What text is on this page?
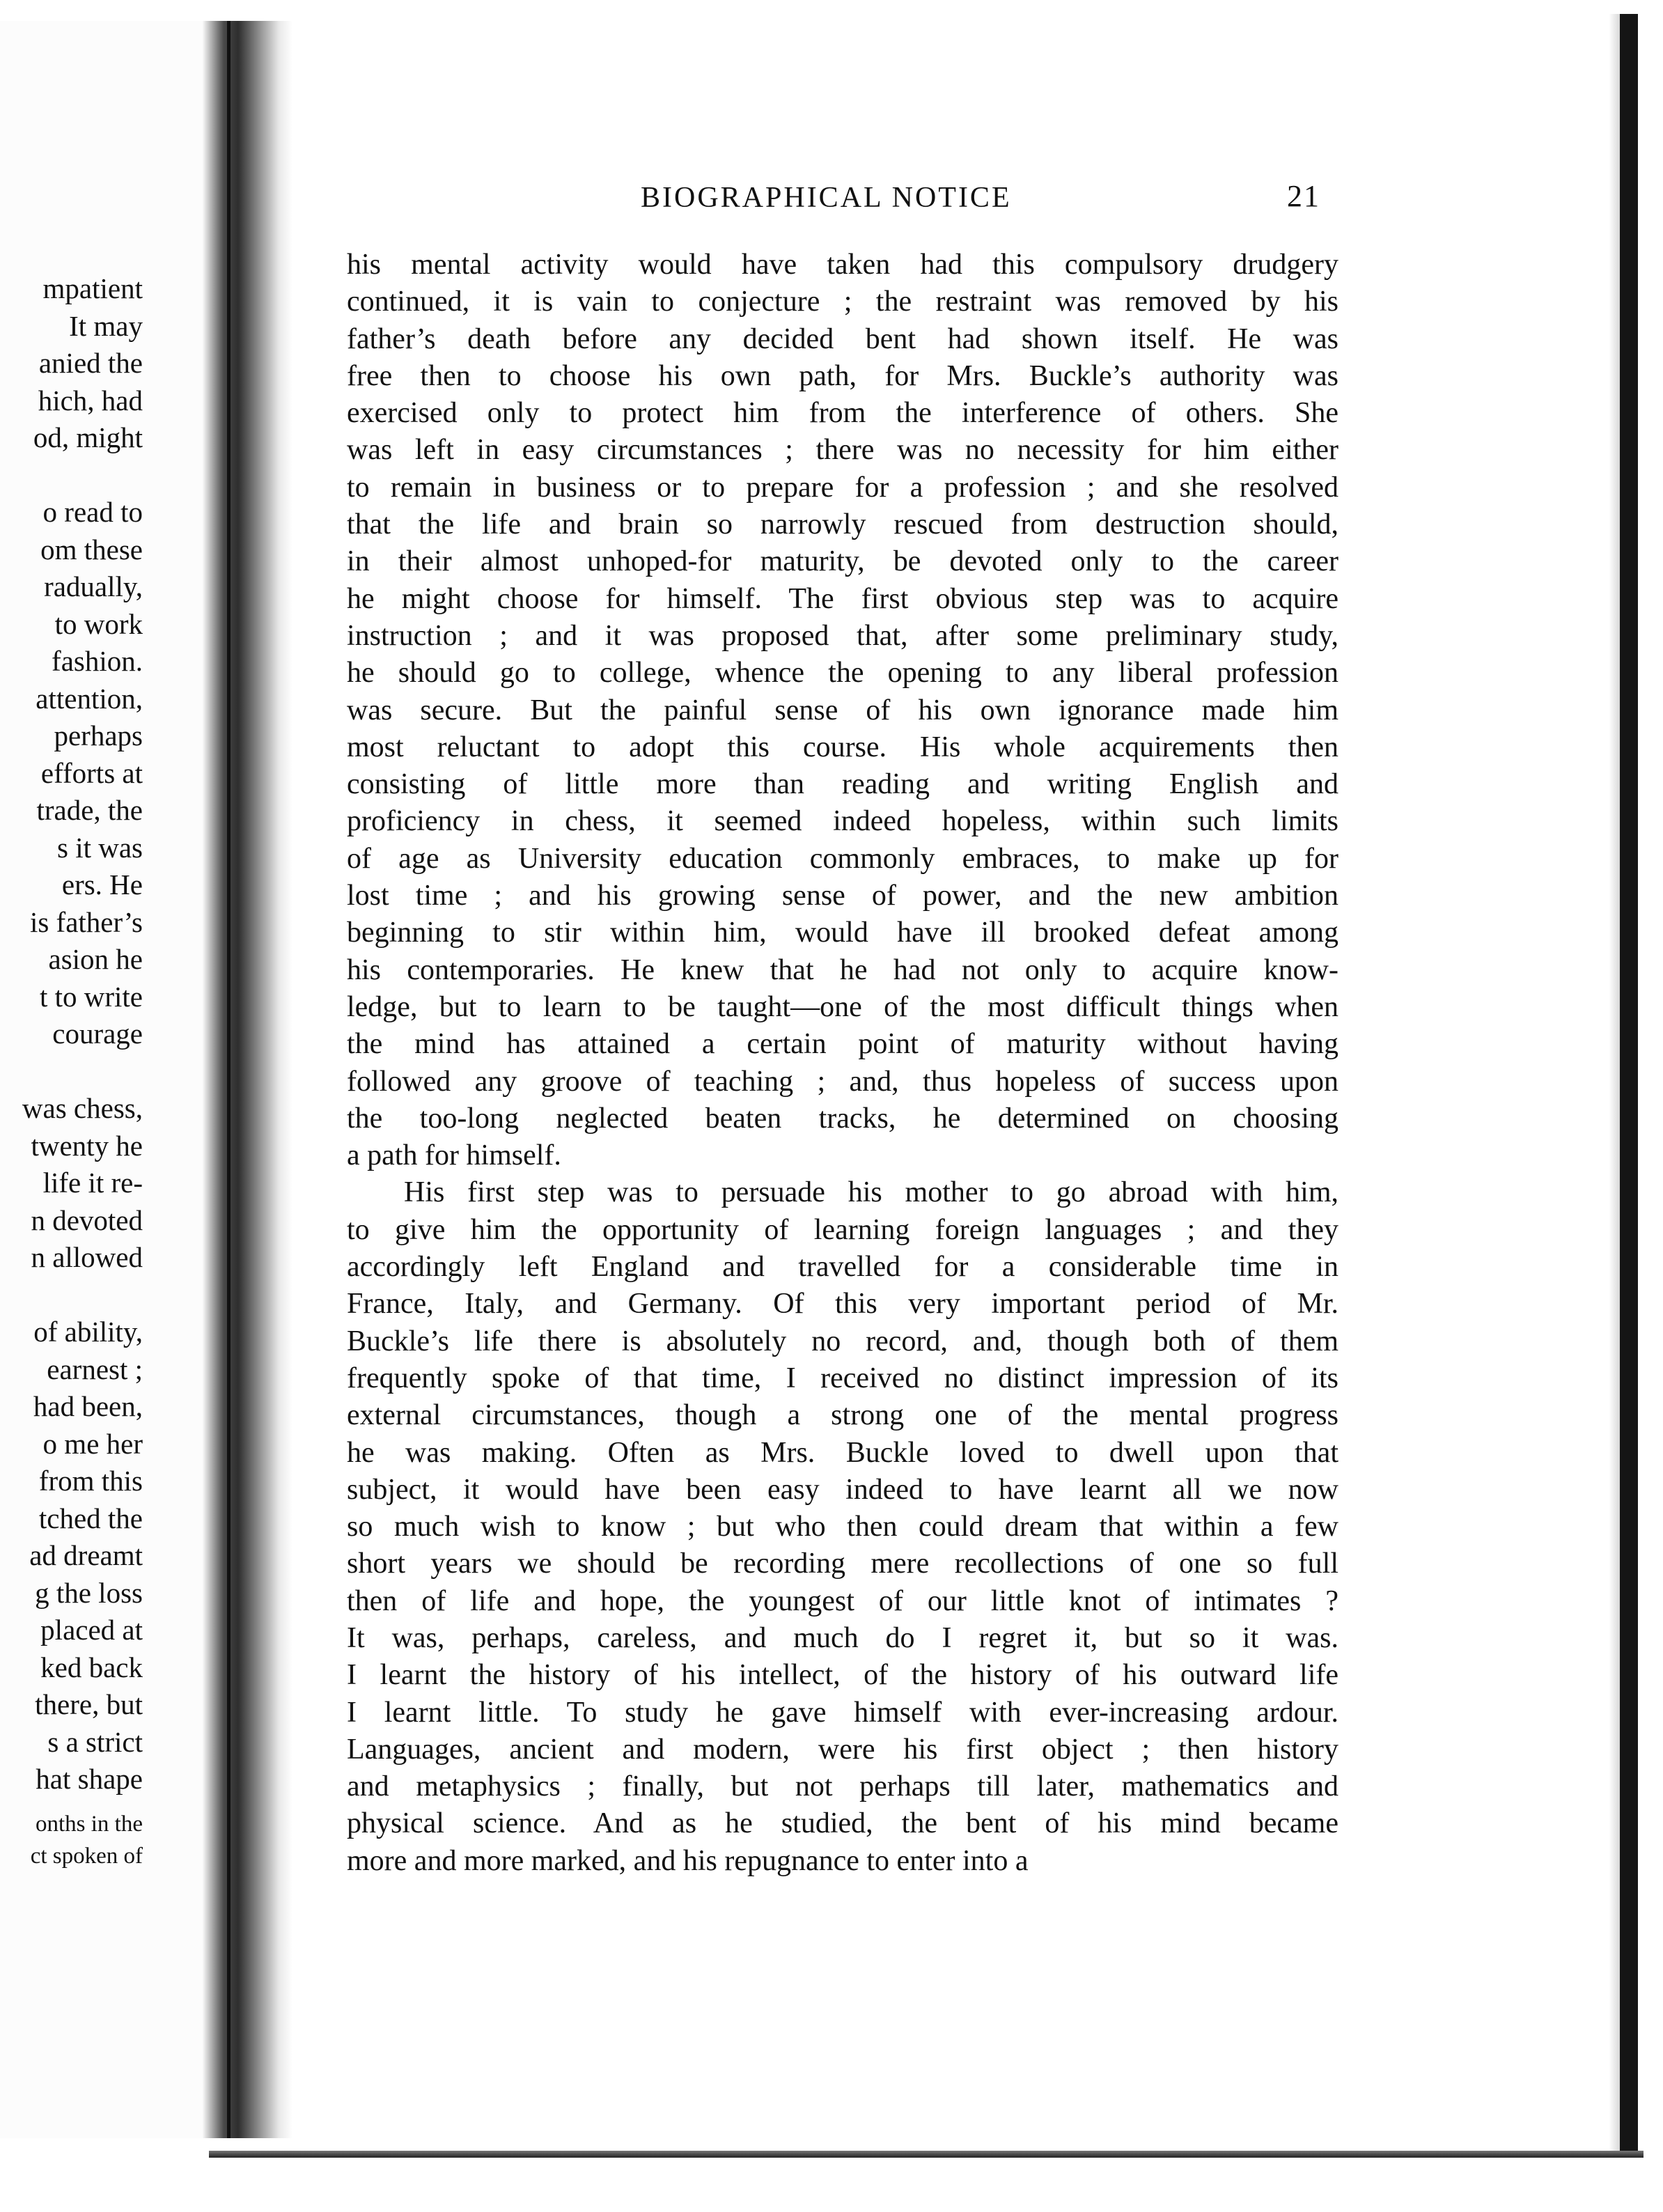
mpatient
It may
anied the
hich, had
od, might
o read to
om these
radually,
to work
fashion.
attention,
perhaps
efforts at
trade, the
s it was
ers. He
is father’s
asion he
t to write
courage
was chess,
twenty he
life it re-
n devoted
n allowed
of ability,
earnest ;
had been,
o me her
from this
tched the
ad dreamt
g the loss
placed at
ked back
there, but
s a strict
hat shape
onths in the
ct spoken of
BIOGRAPHICAL NOTICE	21
his mental activity would have taken had this compulsory drudgery
continued, it is vain to conjecture ; the restraint was removed by his
father’s death before any decided bent had shown itself. He was
free then to choose his own path, for Mrs. Buckle’s authority was
exercised only to protect him from the interference of others. She
was left in easy circumstances ; there was no necessity for him either
to remain in business or to prepare for a profession ; and she resolved
that the life and brain so narrowly rescued from destruction should,
in their almost unhoped-for maturity, be devoted only to the career
he might choose for himself. The first obvious step was to acquire
instruction ; and it was proposed that, after some preliminary study,
he should go to college, whence the opening to any liberal profession
was secure. But the painful sense of his own ignorance made him
most reluctant to adopt this course. His whole acquirements then
consisting of little more than reading and writing English and
proficiency in chess, it seemed indeed hopeless, within such limits
of age as University education commonly embraces, to make up for
lost time ; and his growing sense of power, and the new ambition
beginning to stir within him, would have ill brooked defeat among
his contemporaries. He knew that he had not only to acquire know-
ledge, but to learn to be taught—one of the most difficult things when
the mind has attained a certain point of maturity without having
followed any groove of teaching ; and, thus hopeless of success upon
the too-long neglected beaten tracks, he determined on choosing
a path for himself.
His first step was to persuade his mother to go abroad with him,
to give him the opportunity of learning foreign languages ; and they
accordingly left England and travelled for a considerable time in
France, Italy, and Germany. Of this very important period of Mr.
Buckle’s life there is absolutely no record, and, though both of them
frequently spoke of that time, I received no distinct impression of its
external circumstances, though a strong one of the mental progress
he was making. Often as Mrs. Buckle loved to dwell upon that
subject, it would have been easy indeed to have learnt all we now
so much wish to know ; but who then could dream that within a few
short years we should be recording mere recollections of one so full
then of life and hope, the youngest of our little knot of intimates ?
It was, perhaps, careless, and much do I regret it, but so it was.
I learnt the history of his intellect, of the history of his outward life
I learnt little. To study he gave himself with ever-increasing ardour.
Languages, ancient and modern, were his first object ; then history
and metaphysics ; finally, but not perhaps till later, mathematics and
physical science. And as he studied, the bent of his mind became
more and more marked, and his repugnance to enter into a
